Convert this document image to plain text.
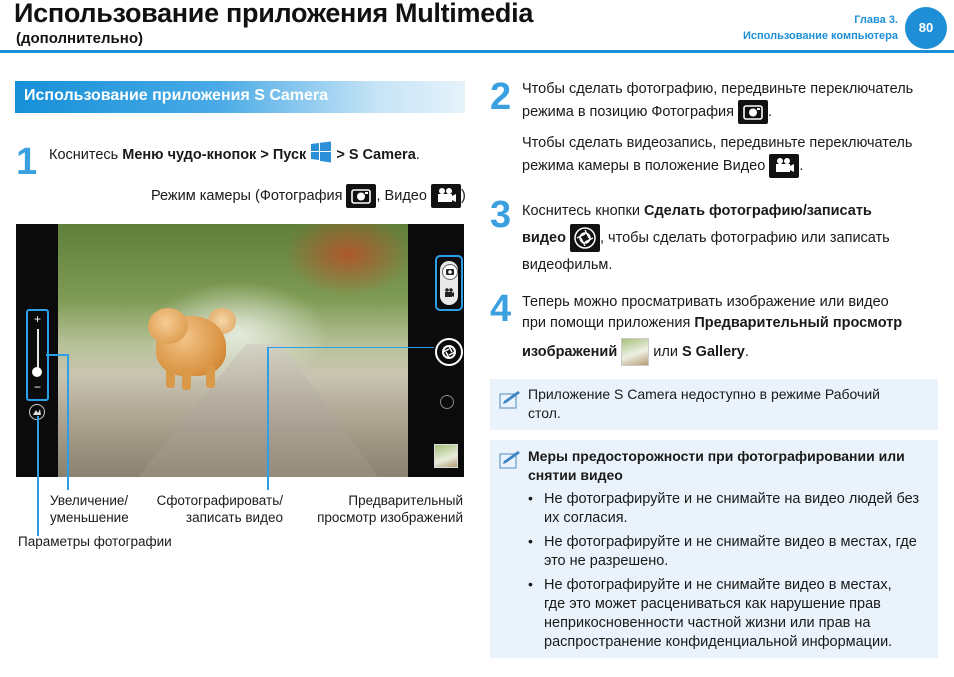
Использование приложения Multimedia
(дополнительно)
Глава 3.
Использование компьютера
80
Использование приложения S Camera
1 Коснитесь Меню чудо-кнопок > Пуск  > S Camera.
Режим камеры (Фотография , Видео )
+
−
Увеличение/
уменьшение
Сфотографировать/
записать видео
Предварительный
просмотр изображений
Параметры фотографии
2 Чтобы сделать фотографию, передвиньте переключатель
режима в позицию Фотография .
Чтобы сделать видеозапись, передвиньте переключатель
режима камеры в положение Видео .
3 Коснитесь кнопки Сделать фотографию/записать
видео , чтобы сделать фотографию или записать
видеофильм.
4 Теперь можно просматривать изображение или видео
при помощи приложения Предварительный просмотр
изображений  или S Gallery.
Приложение S Camera недоступно в режиме Рабочий
стол.
Меры предосторожности при фотографировании или
снятии видео
• Не фотографируйте и не снимайте на видео людей без
их согласия.
• Не фотографируйте и не снимайте видео в местах, где
это не разрешено.
• Не фотографируйте и не снимайте видео в местах,
где это может расцениваться как нарушение прав
неприкосновенности частной жизни или прав на
распространение конфиденциальной информации.
